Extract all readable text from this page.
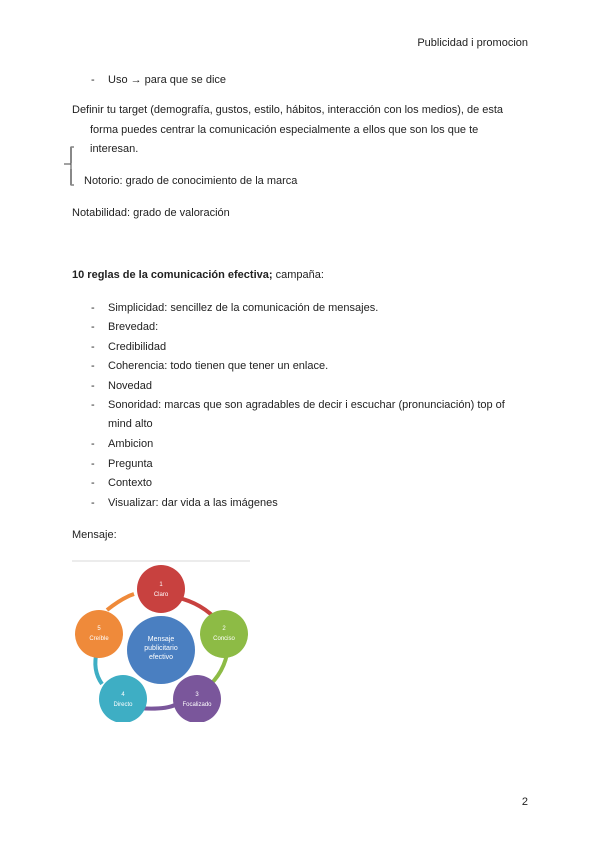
Publicidad i promocion
-	Uso → para que se dice
Definir tu target (demografía, gustos, estilo, hábitos, interacción con los medios), de esta
forma puedes centrar la comunicación especialmente a ellos que son los que te
interesan.
Notorio: grado de conocimiento de la marca
Notabilidad: grado de valoración
10 reglas de la comunicación efectiva; campaña:
-	Simplicidad: sencillez de la comunicación de mensajes.
-	Brevedad:
-	Credibilidad
-	Coherencia: todo tienen que tener un enlace.
-	Novedad
-	Sonoridad: marcas que son agradables de decir i escuchar (pronunciación) top of
mind alto
-	Ambicion
-	Pregunta
-	Contexto
-	Visualizar: dar vida a las imágenes
Mensaje:
Mensaje
publicitario
efectivo
1
Claro
2
Conciso
3
Focalizado
4
Directo
5
Creíble
2
